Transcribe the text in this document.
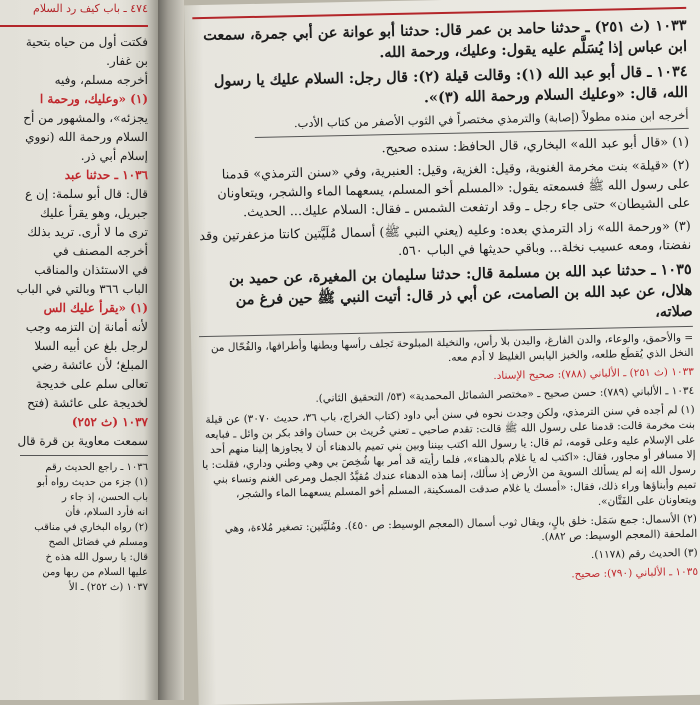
٤٧٤ ـ باب كيف رد السلام
فكتت أول من حياه بتحية
بن غفار.
أخرجه مسلم، وفيه
(١) «وعليك، ورحمة ا
يجزئه»، والمشهور من أح
السلام ورحمة الله (نووي
إسلام أبي ذر.
١٠٣٦ ـ حدثنا عبد
قال: قال أبو سلمة: إن ع
جبريل، وهو يقرأ عليك
ترى ما لا أرى. تريد بذلك
أخرجه المصنف في
في الاستئذان والمناقب
الباب ٣٦٦ وبالتي في الباب
(١) «يقرأ عليك الس
لأنه أمانة إن التزمه وجب
لرجل بلغ عن أبيه السلا
المبلغ؛ لأن عائشة رضي
تعالى سلم على خديجة
لخديجة على عائشة (فتح
١٠٣٧ (ث ٢٥٢)
سمعت معاوية بن قرة قال
١٠٣٦ ـ راجع الحديث رقم
(١) جزء من حديث رواه أبو
باب الحسن، إذ جاء ر
انه فأرد السلام، فأن
(٢) رواه البخاري في مناقب
ومسلم في فضائل الصح
قال: يا رسول الله هذه خ
عليها السلام من ربها ومن
١٠٣٧ (ث ٢٥٢) ـ الأ

١٠٣٣ (ث ٢٥١) ـ حدثنا حامد بن عمر قال: حدثنا أبو عوانة عن أبي جمرة، سمعت ابن عباس إذا يُسَلَّم عليه يقول: وعليك، ورحمة الله.

١٠٣٤ ـ قال أبو عبد الله (١): وقالت قيلة (٢): قال رجل: السلام عليك يا رسول الله، قال: «وعليك السلام ورحمة الله (٣)».

أخرجه ابن منده مطولاً (إصابة) والترمذي مختصراً في الثوب الأصفر من كتاب الأدب.

(١) «قال أبو عبد الله» البخاري، قال الحافظ: سنده صحيح.

(٢) «قيلة» بنت مخرمة الغنوية، وقيل: الغزية، وقيل: العنبرية، وفي «سنن الترمذي» قدمنا على رسول الله ﷺ فسمعته يقول: «المسلم أخو المسلم، يسعهما الماء والشجر، ويتعاونان على الشيطان» حتى جاء رجل ـ وقد ارتفعت الشمس ـ فقال: السلام عليك... الحديث.

(٣) «ورحمة الله» زاد الترمذي بعده: وعليه (يعني النبي ﷺ) أسمال مُلَيَّتين كانتا مزعفرتين وقد نفضتا، ومعه عسيب نخلة... وباقي حديثها في الباب ٥٦٠.

١٠٣٥ ـ حدثنا عبد الله بن مسلمة قال: حدثنا سليمان بن المغيرة، عن حميد بن هلال، عن عبد الله بن الصامت، عن أبي ذر قال: أتيت النبي ﷺ حين فرغ من صلاته،

= والأحمق، والوعاء، والدن الفارغ، والبدن بلا رأس، والنخيلة المبلوحة تَجلف رأسها وبطنها وأطرافها، والفُحّال من النخل الذي يُقطَع طلعه، والخبز اليابس الغليظ لا أدم معه.

١٠٣٣ (ث ٢٥١) ـ الألباني (٧٨٨): صحيح الإسناد.

١٠٣٤ ـ الألباني (٧٨٩): حسن صحيح ـ «مختصر الشمائل المحمدية» (٥٣/ التحقيق الثاني).

(١) لم أجده في سنن الترمذي، ولكن وجدت نحوه في سنن أبي داود (كتاب الخراج، باب ٣٦، حديث ٣٠٧٠) عن قيلة بنت مخرمة قالت: قدمنا على رسول الله ﷺ قالت: تقدم صاحبي ـ تعني حُريث بن حسان وافد بكر بن وائل ـ فبايعه على الإسلام عليه وعلى قومه، ثم قال: يا رسول الله اكتب بيننا وبين بني تميم بالدهناء أن لا يجاوزها إلينا منهم أحد إلا مسافر أو مجاور، فقال: «اكتب له يا غلام بالدهناء»، فلما رأيته قد أمر بها شُخِصَ بي وهي وطني وداري، فقلت: يا رسول الله إنه لم يسألك السوية من الأرض إذ سألك، إنما هذه الدهناء عندك مُقيَّدُ الجمل ومرعى الغنم ونساء بني تميم وأبناؤها وراء ذلك، فقال: «أمسك يا غلام صدقت المسكينة، المسلم أخو المسلم يسعهما الماء والشجر، ويتعاونان على الفَتَّان».

(٢) الأسمال: جمع سَمَل: خلق بالٍ، ويقال ثوب أسمال (المعجم الوسيط: ص ٤٥٠). ومُلَيَّتين: تصغير مُلاءة، وهي الملحفة (المعجم الوسيط: ص ٨٨٢).

(٣) الحديث رقم (١١٧٨).

١٠٣٥ ـ الألباني (٧٩٠): صحيح.
